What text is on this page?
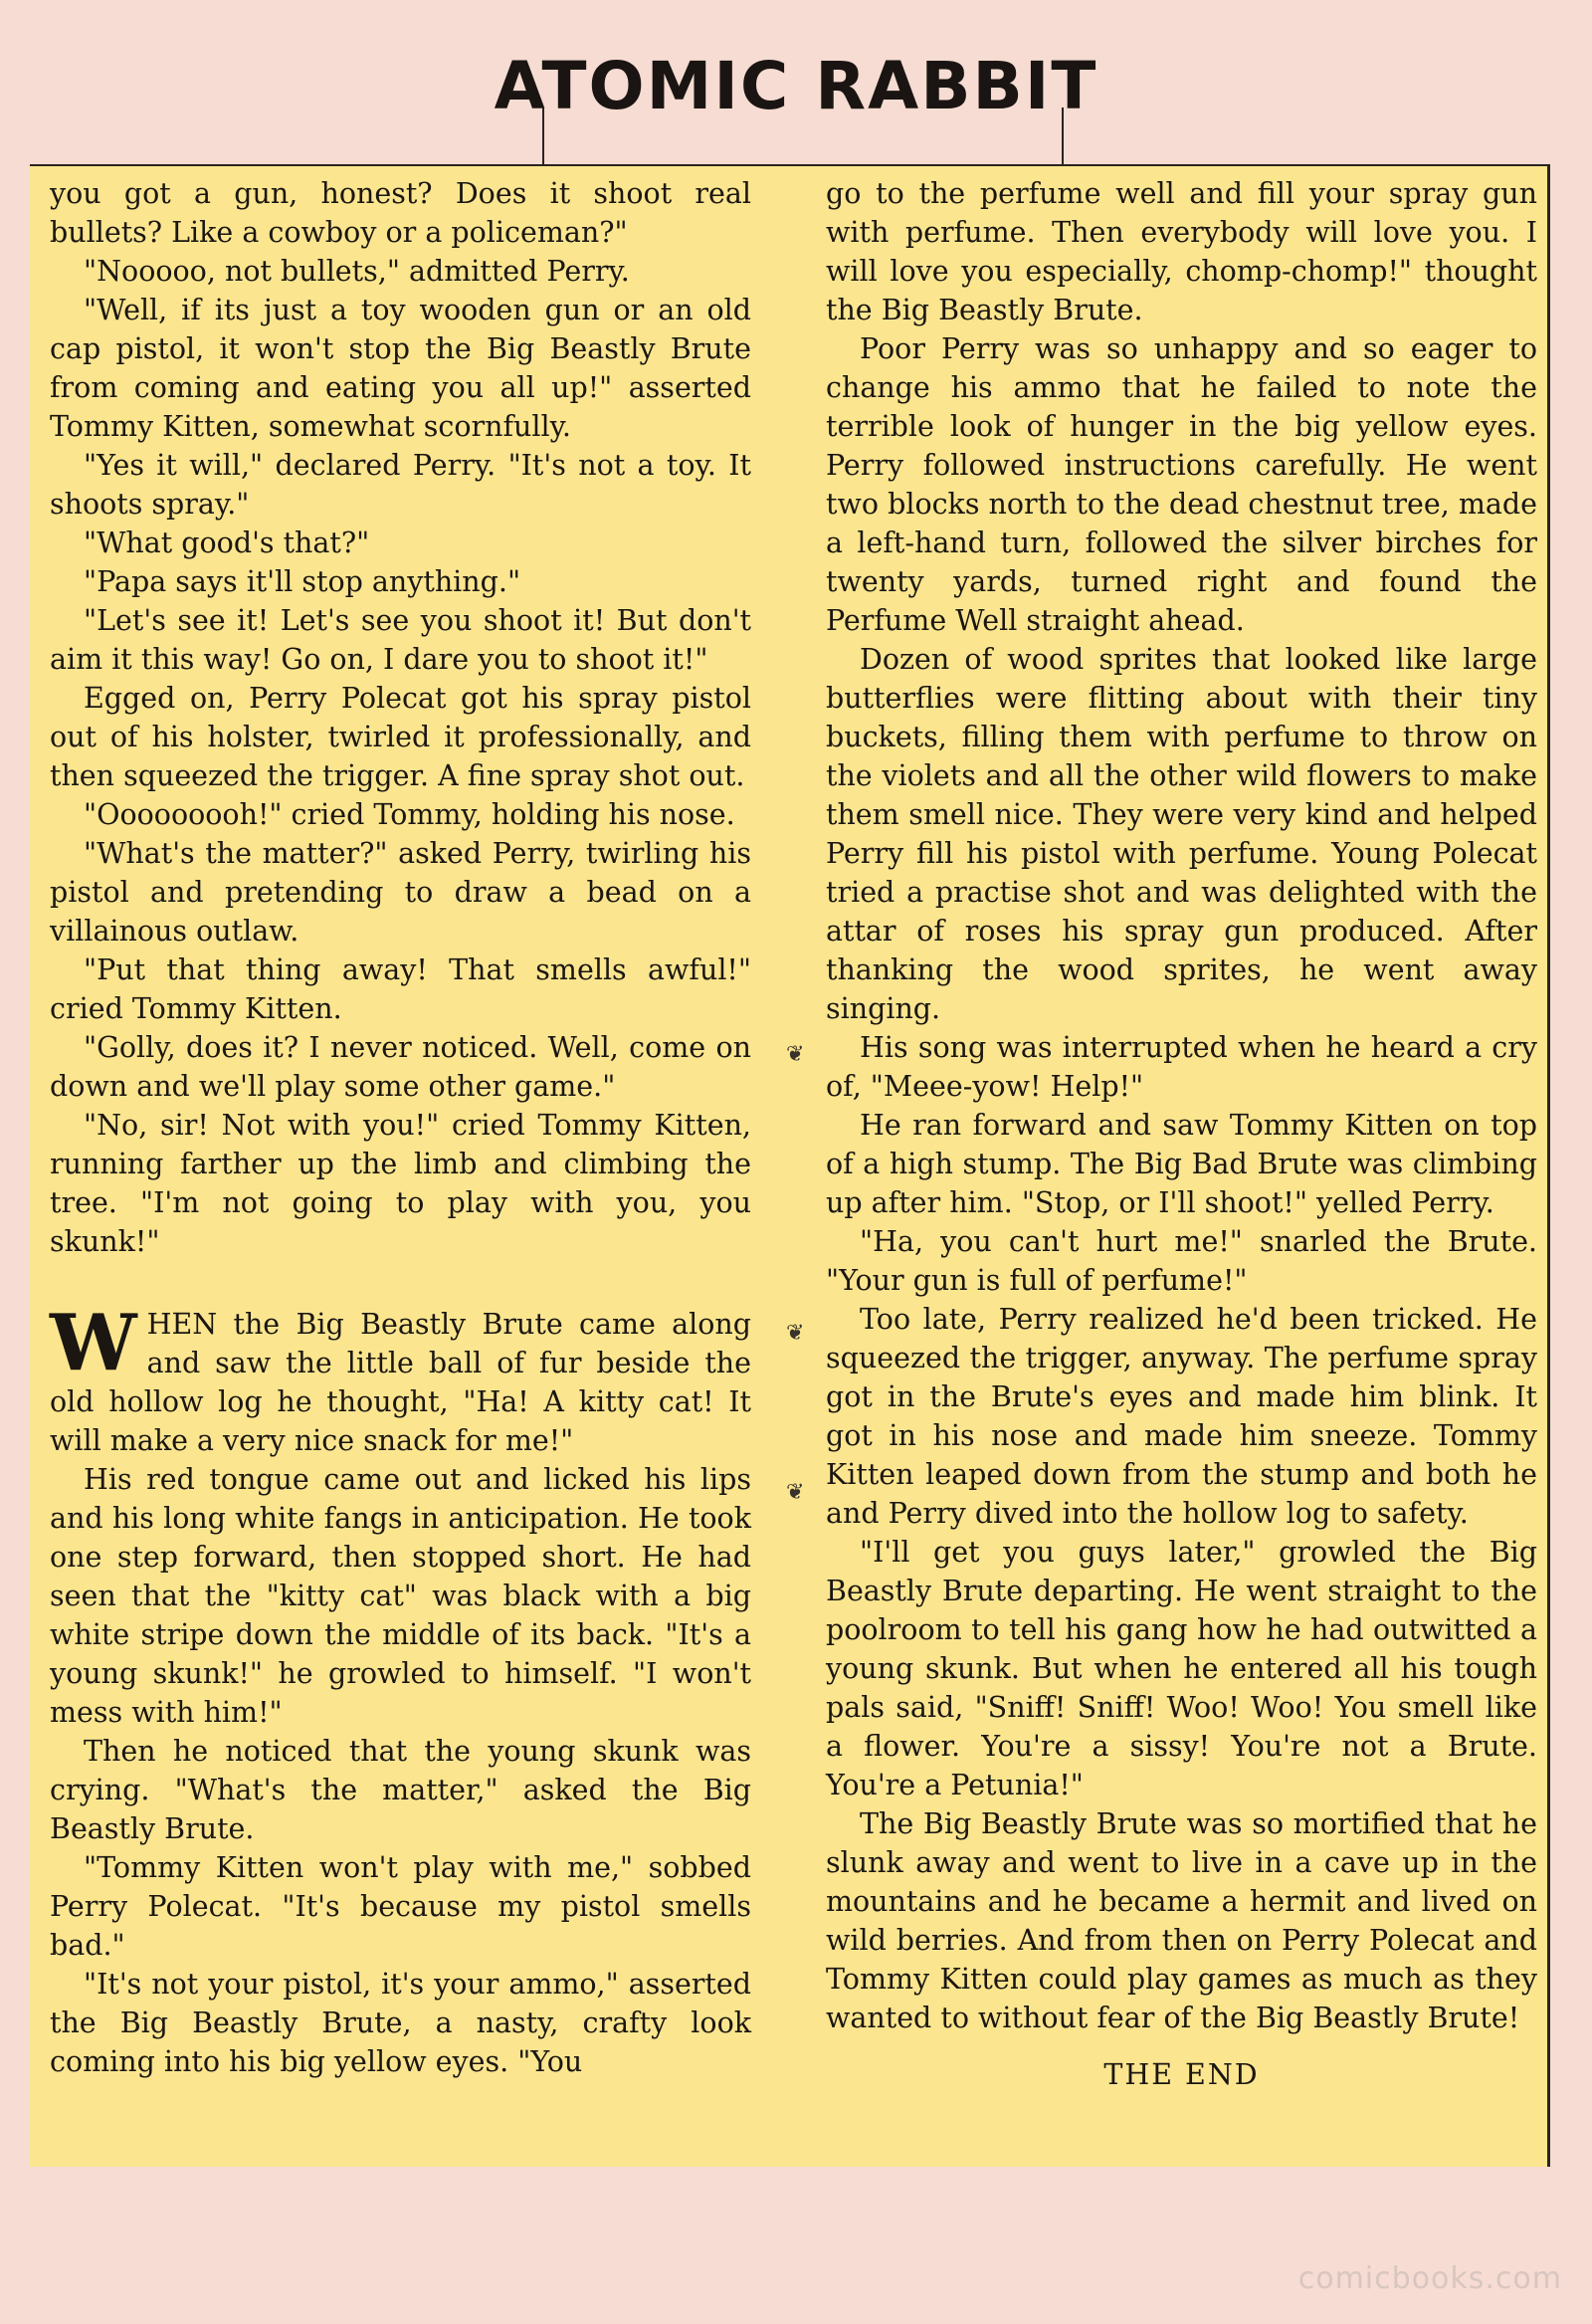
ATOMIC RABBIT

you got a gun, honest? Does it shoot real bullets? Like a cowboy or a policeman?"

"Nooooo, not bullets," admitted Perry.

"Well, if its just a toy wooden gun or an old cap pistol, it won't stop the Big Beastly Brute from coming and eating you all up!" asserted Tommy Kitten, somewhat scornfully.

"Yes it will," declared Perry. "It's not a toy. It shoots spray."

"What good's that?"

"Papa says it'll stop anything."

"Let's see it! Let's see you shoot it! But don't aim it this way! Go on, I dare you to shoot it!"

Egged on, Perry Polecat got his spray pistol out of his holster, twirled it professionally, and then squeezed the trigger. A fine spray shot out.

"Ooooooooh!" cried Tommy, holding his nose.

"What's the matter?" asked Perry, twirling his pistol and pretending to draw a bead on a villainous outlaw.

"Put that thing away! That smells awful!" cried Tommy Kitten.

"Golly, does it? I never noticed. Well, come on down and we'll play some other game."

"No, sir! Not with you!" cried Tommy Kitten, running farther up the limb and climbing the tree. "I'm not going to play with you, you skunk!"

WHEN the Big Beastly Brute came along and saw the little ball of fur beside the old hollow log he thought, "Ha! A kitty cat! It will make a very nice snack for me!"

His red tongue came out and licked his lips and his long white fangs in anticipation. He took one step forward, then stopped short. He had seen that the "kitty cat" was black with a big white stripe down the middle of its back. "It's a young skunk!" he growled to himself. "I won't mess with him!"

Then he noticed that the young skunk was crying. "What's the matter," asked the Big Beastly Brute.

"Tommy Kitten won't play with me," sobbed Perry Polecat. "It's because my pistol smells bad."

"It's not your pistol, it's your ammo," asserted the Big Beastly Brute, a nasty, crafty look coming into his big yellow eyes. "You

go to the perfume well and fill your spray gun with perfume. Then everybody will love you. I will love you especially, chomp-chomp!" thought the Big Beastly Brute.

Poor Perry was so unhappy and so eager to change his ammo that he failed to note the terrible look of hunger in the big yellow eyes. Perry followed instructions carefully. He went two blocks north to the dead chestnut tree, made a left-hand turn, followed the silver birches for twenty yards, turned right and found the Perfume Well straight ahead.

Dozen of wood sprites that looked like large butterflies were flitting about with their tiny buckets, filling them with perfume to throw on the violets and all the other wild flowers to make them smell nice. They were very kind and helped Perry fill his pistol with perfume. Young Polecat tried a practise shot and was delighted with the attar of roses his spray gun produced. After thanking the wood sprites, he went away singing.

His song was interrupted when he heard a cry of, "Meee-yow! Help!"

He ran forward and saw Tommy Kitten on top of a high stump. The Big Bad Brute was climbing up after him. "Stop, or I'll shoot!" yelled Perry.

"Ha, you can't hurt me!" snarled the Brute. "Your gun is full of perfume!"

Too late, Perry realized he'd been tricked. He squeezed the trigger, anyway. The perfume spray got in the Brute's eyes and made him blink. It got in his nose and made him sneeze. Tommy Kitten leaped down from the stump and both he and Perry dived into the hollow log to safety.

"I'll get you guys later," growled the Big Beastly Brute departing. He went straight to the poolroom to tell his gang how he had outwitted a young skunk. But when he entered all his tough pals said, "Sniff! Sniff! Woo! Woo! You smell like a flower. You're a sissy! You're not a Brute. You're a Petunia!"

The Big Beastly Brute was so mortified that he slunk away and went to live in a cave up in the mountains and he became a hermit and lived on wild berries. And from then on Perry Polecat and Tommy Kitten could play games as much as they wanted to without fear of the Big Beastly Brute!

THE END

❦
❦
❦
comicbooks.com
